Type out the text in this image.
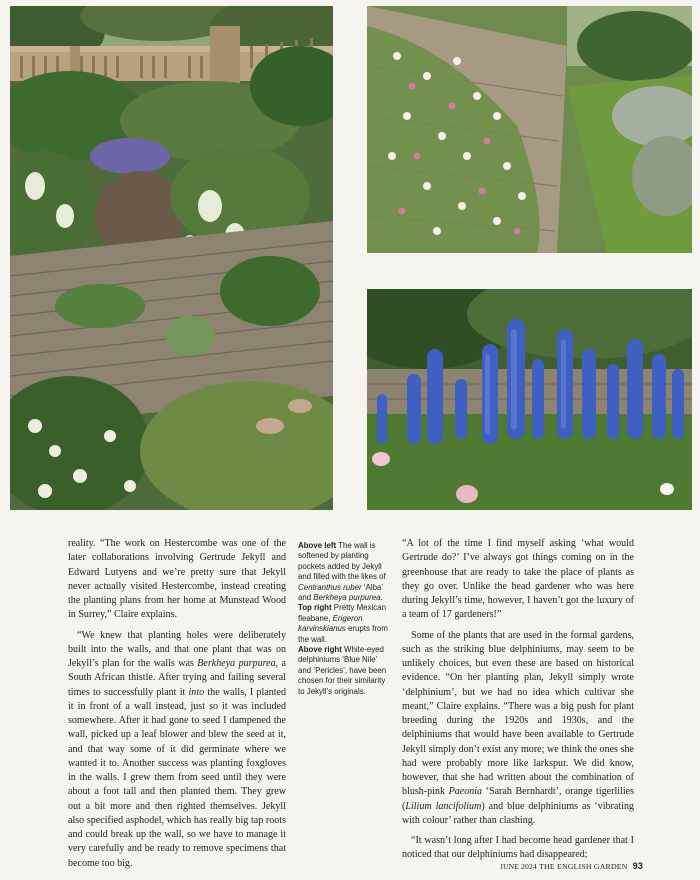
reality. “The work on Hestercombe was one of the later collaborations involving Gertrude Jekyll and Edward Lutyens and we’re pretty sure that Jekyll never actually visited Hestercombe, instead creating the planting plans from her home at Munstead Wood in Surrey,” Claire explains.

“We knew that planting holes were deliberately built into the walls, and that one plant that was on Jekyll’s plan for the walls was Berkheya purpurea, a South African thistle. After trying and failing several times to successfully plant it into the walls, I planted it in front of a wall instead, just so it was included somewhere. After it had gone to seed I dampened the wall, picked up a leaf blower and blew the seed at it, and that way some of it did germinate where we wanted it to. Another success was planting foxgloves in the walls. I grew them from seed until they were about a foot tall and then planted them. They grew out a bit more and then righted themselves. Jekyll also specified asphodel, which has really big tap roots and could break up the wall, so we have to manage it very carefully and be ready to remove specimens that become too big.

Above left The wall is softened by planting pockets added by Jekyll and filled with the likes of Centranthus ruber ‘Alba’ and Berkheya purpurea.

Top right Pretty Mexican fleabane, Erigeron karvinskianus erupts from the wall.

Above right White-eyed delphiniums ‘Blue Nile’ and ‘Pericles’, have been chosen for their similarity to Jekyll’s originals.

“A lot of the time I find myself asking ‘what would Gertrude do?’ I’ve always got things coming on in the greenhouse that are ready to take the place of plants as they go over. Unlike the head gardener who was here during Jekyll’s time, however, I haven’t got the luxury of a team of 17 gardeners!”

Some of the plants that are used in the formal gardens, such as the striking blue delphiniums, may seem to be unlikely choices, but even these are based on historical evidence. “On her planting plan, Jekyll simply wrote ‘delphinium’, but we had no idea which cultivar she meant,” Claire explains. “There was a big push for plant breeding during the 1920s and 1930s, and the delphiniums that would have been available to Gertrude Jekyll simply don’t exist any more; we think the ones she had were probably more like larkspur. We did know, however, that she had written about the combination of blush-pink Paeonia ‘Sarah Bernhardt’, orange tigerlilies (Lilium lancifolium) and blue delphiniums as ‘vibrating with colour’ rather than clashing.

“It wasn’t long after I had become head gardener that I noticed that our delphiniums had disappeared;

JUNE 2024 THE ENGLISH GARDEN 93
